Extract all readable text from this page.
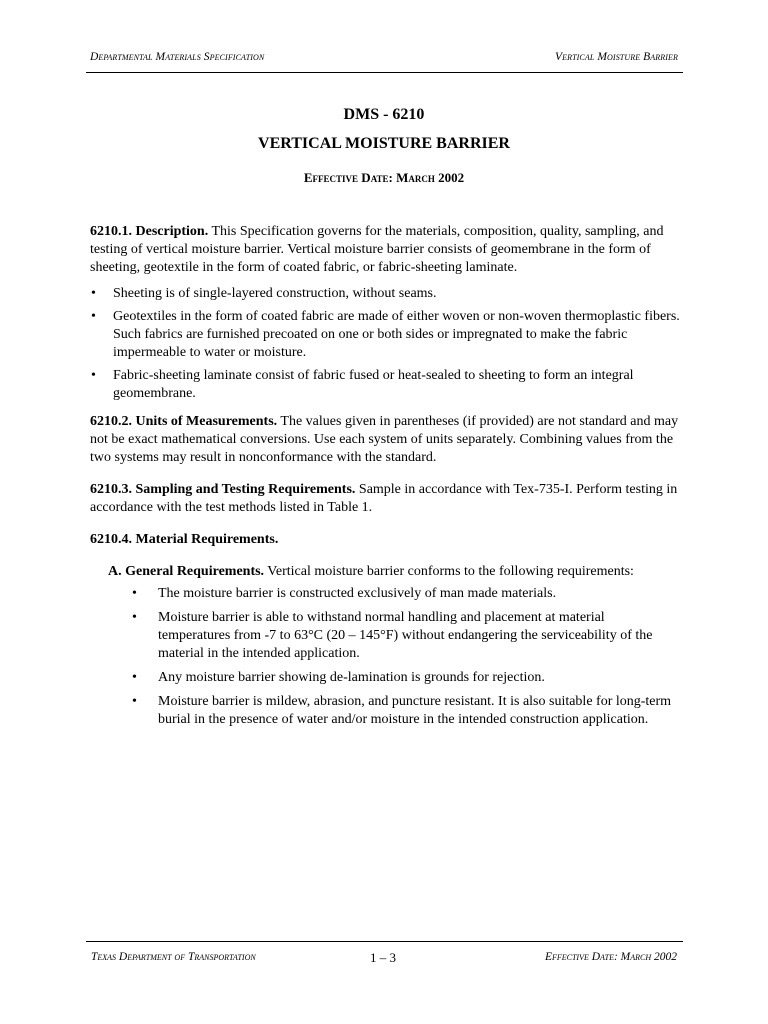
Departmental Materials Specification	Vertical Moisture Barrier
DMS - 6210
VERTICAL MOISTURE BARRIER
Effective Date: March 2002

6210.1. Description. This Specification governs for the materials, composition, quality, sampling, and testing of vertical moisture barrier. Vertical moisture barrier consists of geomembrane in the form of sheeting, geotextile in the form of coated fabric, or fabric-sheeting laminate.

• Sheeting is of single-layered construction, without seams.
• Geotextiles in the form of coated fabric are made of either woven or non-woven thermoplastic fibers. Such fabrics are furnished precoated on one or both sides or impregnated to make the fabric impermeable to water or moisture.
• Fabric-sheeting laminate consist of fabric fused or heat-sealed to sheeting to form an integral geomembrane.

6210.2. Units of Measurements. The values given in parentheses (if provided) are not standard and may not be exact mathematical conversions. Use each system of units separately. Combining values from the two systems may result in nonconformance with the standard.

6210.3. Sampling and Testing Requirements. Sample in accordance with Tex-735-I. Perform testing in accordance with the test methods listed in Table 1.

6210.4. Material Requirements.

A. General Requirements. Vertical moisture barrier conforms to the following requirements:
• The moisture barrier is constructed exclusively of man made materials.
• Moisture barrier is able to withstand normal handling and placement at material temperatures from -7 to 63°C (20 – 145°F) without endangering the serviceability of the material in the intended application.
• Any moisture barrier showing de-lamination is grounds for rejection.
• Moisture barrier is mildew, abrasion, and puncture resistant. It is also suitable for long-term burial in the presence of water and/or moisture in the intended construction application.
Texas Department of Transportation	1 – 3	Effective Date: March 2002
